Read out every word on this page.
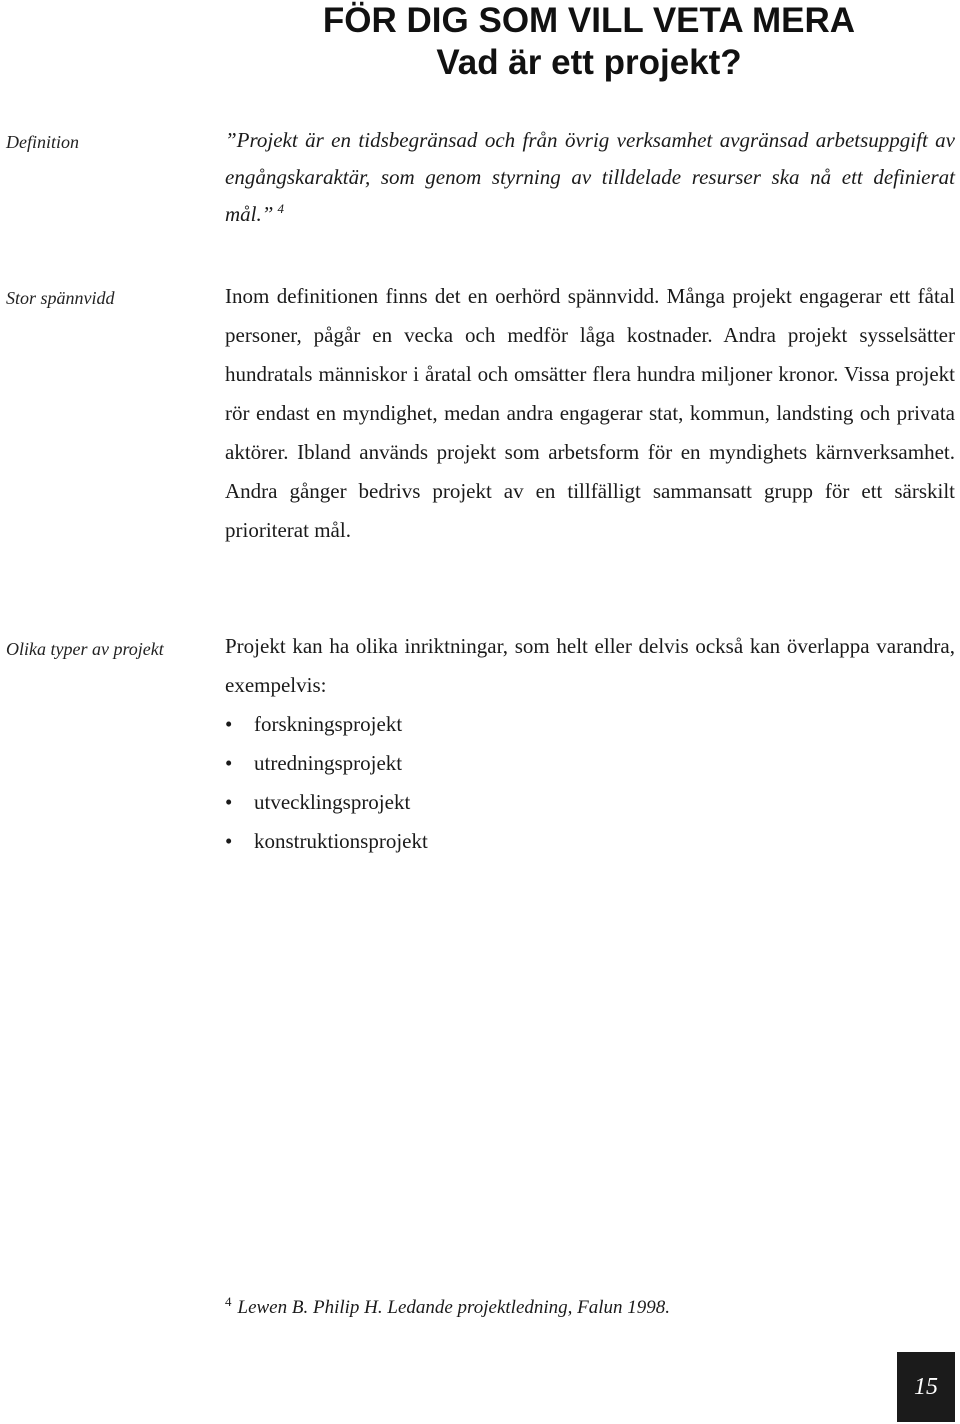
FÖR DIG SOM VILL VETA MERA
Vad är ett projekt?
Definition	”Projekt är en tidsbegränsad och från övrig verksamhet avgränsad arbetsuppgift av engångskaraktär, som genom styrning av tilldelade resurser ska nå ett definierat mål.” $^4$
Stor spännvidd	Inom definitionen finns det en oerhörd spännvidd. Många projekt engagerar ett fåtal personer, pågår en vecka och medför låga kostnader. Andra projekt sysselsätter hundratals människor i åratal och omsätter flera hundra miljoner kronor. Vissa projekt rör endast en myndighet, medan andra engagerar stat, kommun, landsting och privata aktörer. Ibland används projekt som arbetsform för en myndighets kärnverksamhet. Andra gånger bedrivs projekt av en tillfälligt sammansatt grupp för ett särskilt prioriterat mål.
Olika typer av projekt	Projekt kan ha olika inriktningar, som helt eller delvis också kan överlappa varandra, exempelvis:
• forskningsprojekt
• utredningsprojekt
• utvecklingsprojekt
• konstruktionsprojekt
$^4$ Lewen B. Philip H. Ledande projektledning, Falun 1998.
15
